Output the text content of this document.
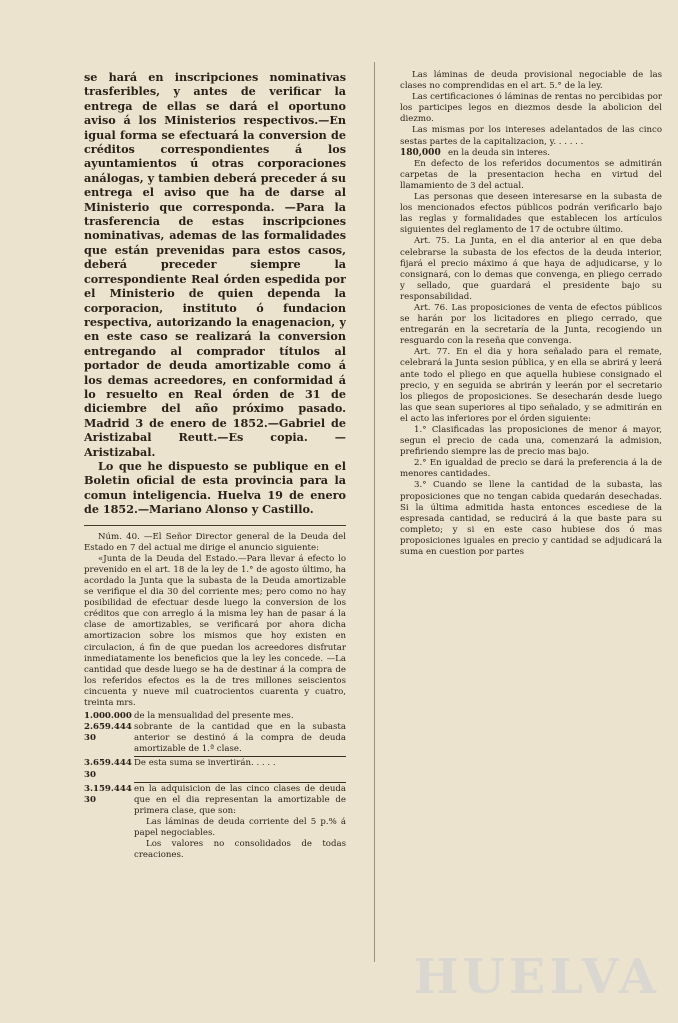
se hará en inscripciones nominativas trasferibles, y antes de verificar la entrega de ellas se dará el oportuno aviso á los Ministerios respectivos.—En igual forma se efectuará la conversion de créditos correspondientes á los ayuntamientos ú otras corporaciones análogas, y tambien deberá preceder á su entrega el aviso que ha de darse al Ministerio que corresponda. —Para la trasferencia de estas inscripciones nominativas, ademas de las formalidades que están prevenidas para estos casos, deberá preceder siempre la correspondiente Real órden espedida por el Ministerio de quien dependa la corporacion, instituto ó fundacion respectiva, autorizando la enagenacion, y en este caso se realizará la conversion entregando al comprador títulos al portador de deuda amortizable como á los demas acreedores, en conformidad á lo resuelto en Real órden de 31 de diciembre del año próximo pasado. Madrid 3 de enero de 1852.—Gabriel de Aristizabal Reutt.—Es copia. —Aristizabal.

Lo que he dispuesto se publique en el Boletin oficial de esta provincia para la comun inteligencia. Huelva 19 de enero de 1852.—Mariano Alonso y Castillo.

Núm. 40. —El Señor Director general de la Deuda del Estado en 7 del actual me dirige el anuncio siguiente:

«Junta de la Deuda del Estado.—Para llevar á efecto lo prevenido en el art. 18 de la ley de 1.° de agosto último, ha acordado la Junta que la subasta de la Deuda amortizable se verifique el dia 30 del corriente mes; pero como no hay posibilidad de efectuar desde luego la conversion de los créditos que con arreglo á la misma ley han de pasar á la clase de amortizables, se verificará por ahora dicha amortizacion sobre los mismos que hoy existen en circulacion, á fin de que puedan los acreedores disfrutar inmediatamente los beneficios que la ley les concede. —La cantidad que desde luego se ha de destinar á la compra de los referidos efectos es la de tres millones seiscientos cincuenta y nueve mil cuatrocientos cuarenta y cuatro, treinta mrs.

1.000.000 de la mensualidad del presente mes.
2.659.444 30
sobrante de la cantidad que en la subasta anterior se destinó á la compra de deuda amortizable de 1.ª clase.
3.659.444 30
De esta suma se invertirán. . . . .
3.159.444 30
en la adquisicion de las cinco clases de deuda que en el dia representan la amortizable de primera clase, que son:

Las láminas de deuda corriente del 5 p.% á papel negociables.

Los valores no consolidados de todas creaciones.

Las láminas de deuda provisional negociable de las clases no comprendidas en el art. 5.° de la ley.

Las certificaciones ó láminas de rentas no percibidas por los participes legos en diezmos desde la abolicion del diezmo.

Las mismas por los intereses adelantados de las cinco sestas partes de la capitalizacion, y. . . . . .

180,000 en la deuda sin interes.

En defecto de los referidos documentos se admitirán carpetas de la presentacion hecha en virtud del llamamiento de 3 del actual.

Las personas que deseen interesarse en la subasta de los mencionados efectos públicos podrán verificarlo bajo las reglas y formalidades que establecen los artículos siguientes del reglamento de 17 de octubre último.

Art. 75. La Junta, en el dia anterior al en que deba celebrarse la subasta de los efectos de la deuda interior, fijará el precio máximo á que haya de adjudicarse, y lo consignará, con lo demas que convenga, en pliego cerrado y sellado, que guardará el presidente bajo su responsabilidad.

Art. 76. Las proposiciones de venta de efectos públicos se harán por los licitadores en pliego cerrado, que entregarán en la secretaría de la Junta, recogiendo un resguardo con la reseña que convenga.

Art. 77. En el dia y hora señalado para el remate, celebrará la Junta sesion pública, y en ella se abrirá y leerá ante todo el pliego en que aquella hubiese consignado el precio, y en seguida se abrirán y leerán por el secretario los pliegos de proposiciones. Se desecharán desde luego las que sean superiores al tipo señalado, y se admitirán en el acto las inferiores por el órden siguiente:

1.° Clasificadas las proposiciones de menor á mayor, segun el precio de cada una, comenzará la admision, prefiriendo siempre las de precio mas bajo.

2.° En igualdad de precio se dará la preferencia á la de menores cantidades.

3.° Cuando se llene la cantidad de la subasta, las proposiciones que no tengan cabida quedarán desechadas. Si la última admitida hasta entonces escediese de la espresada cantidad, se reducirá á la que baste para su completo; y si en este caso hubiese dos ó mas proposiciones iguales en precio y cantidad se adjudicará la suma en cuestion por partes

HUELVA
